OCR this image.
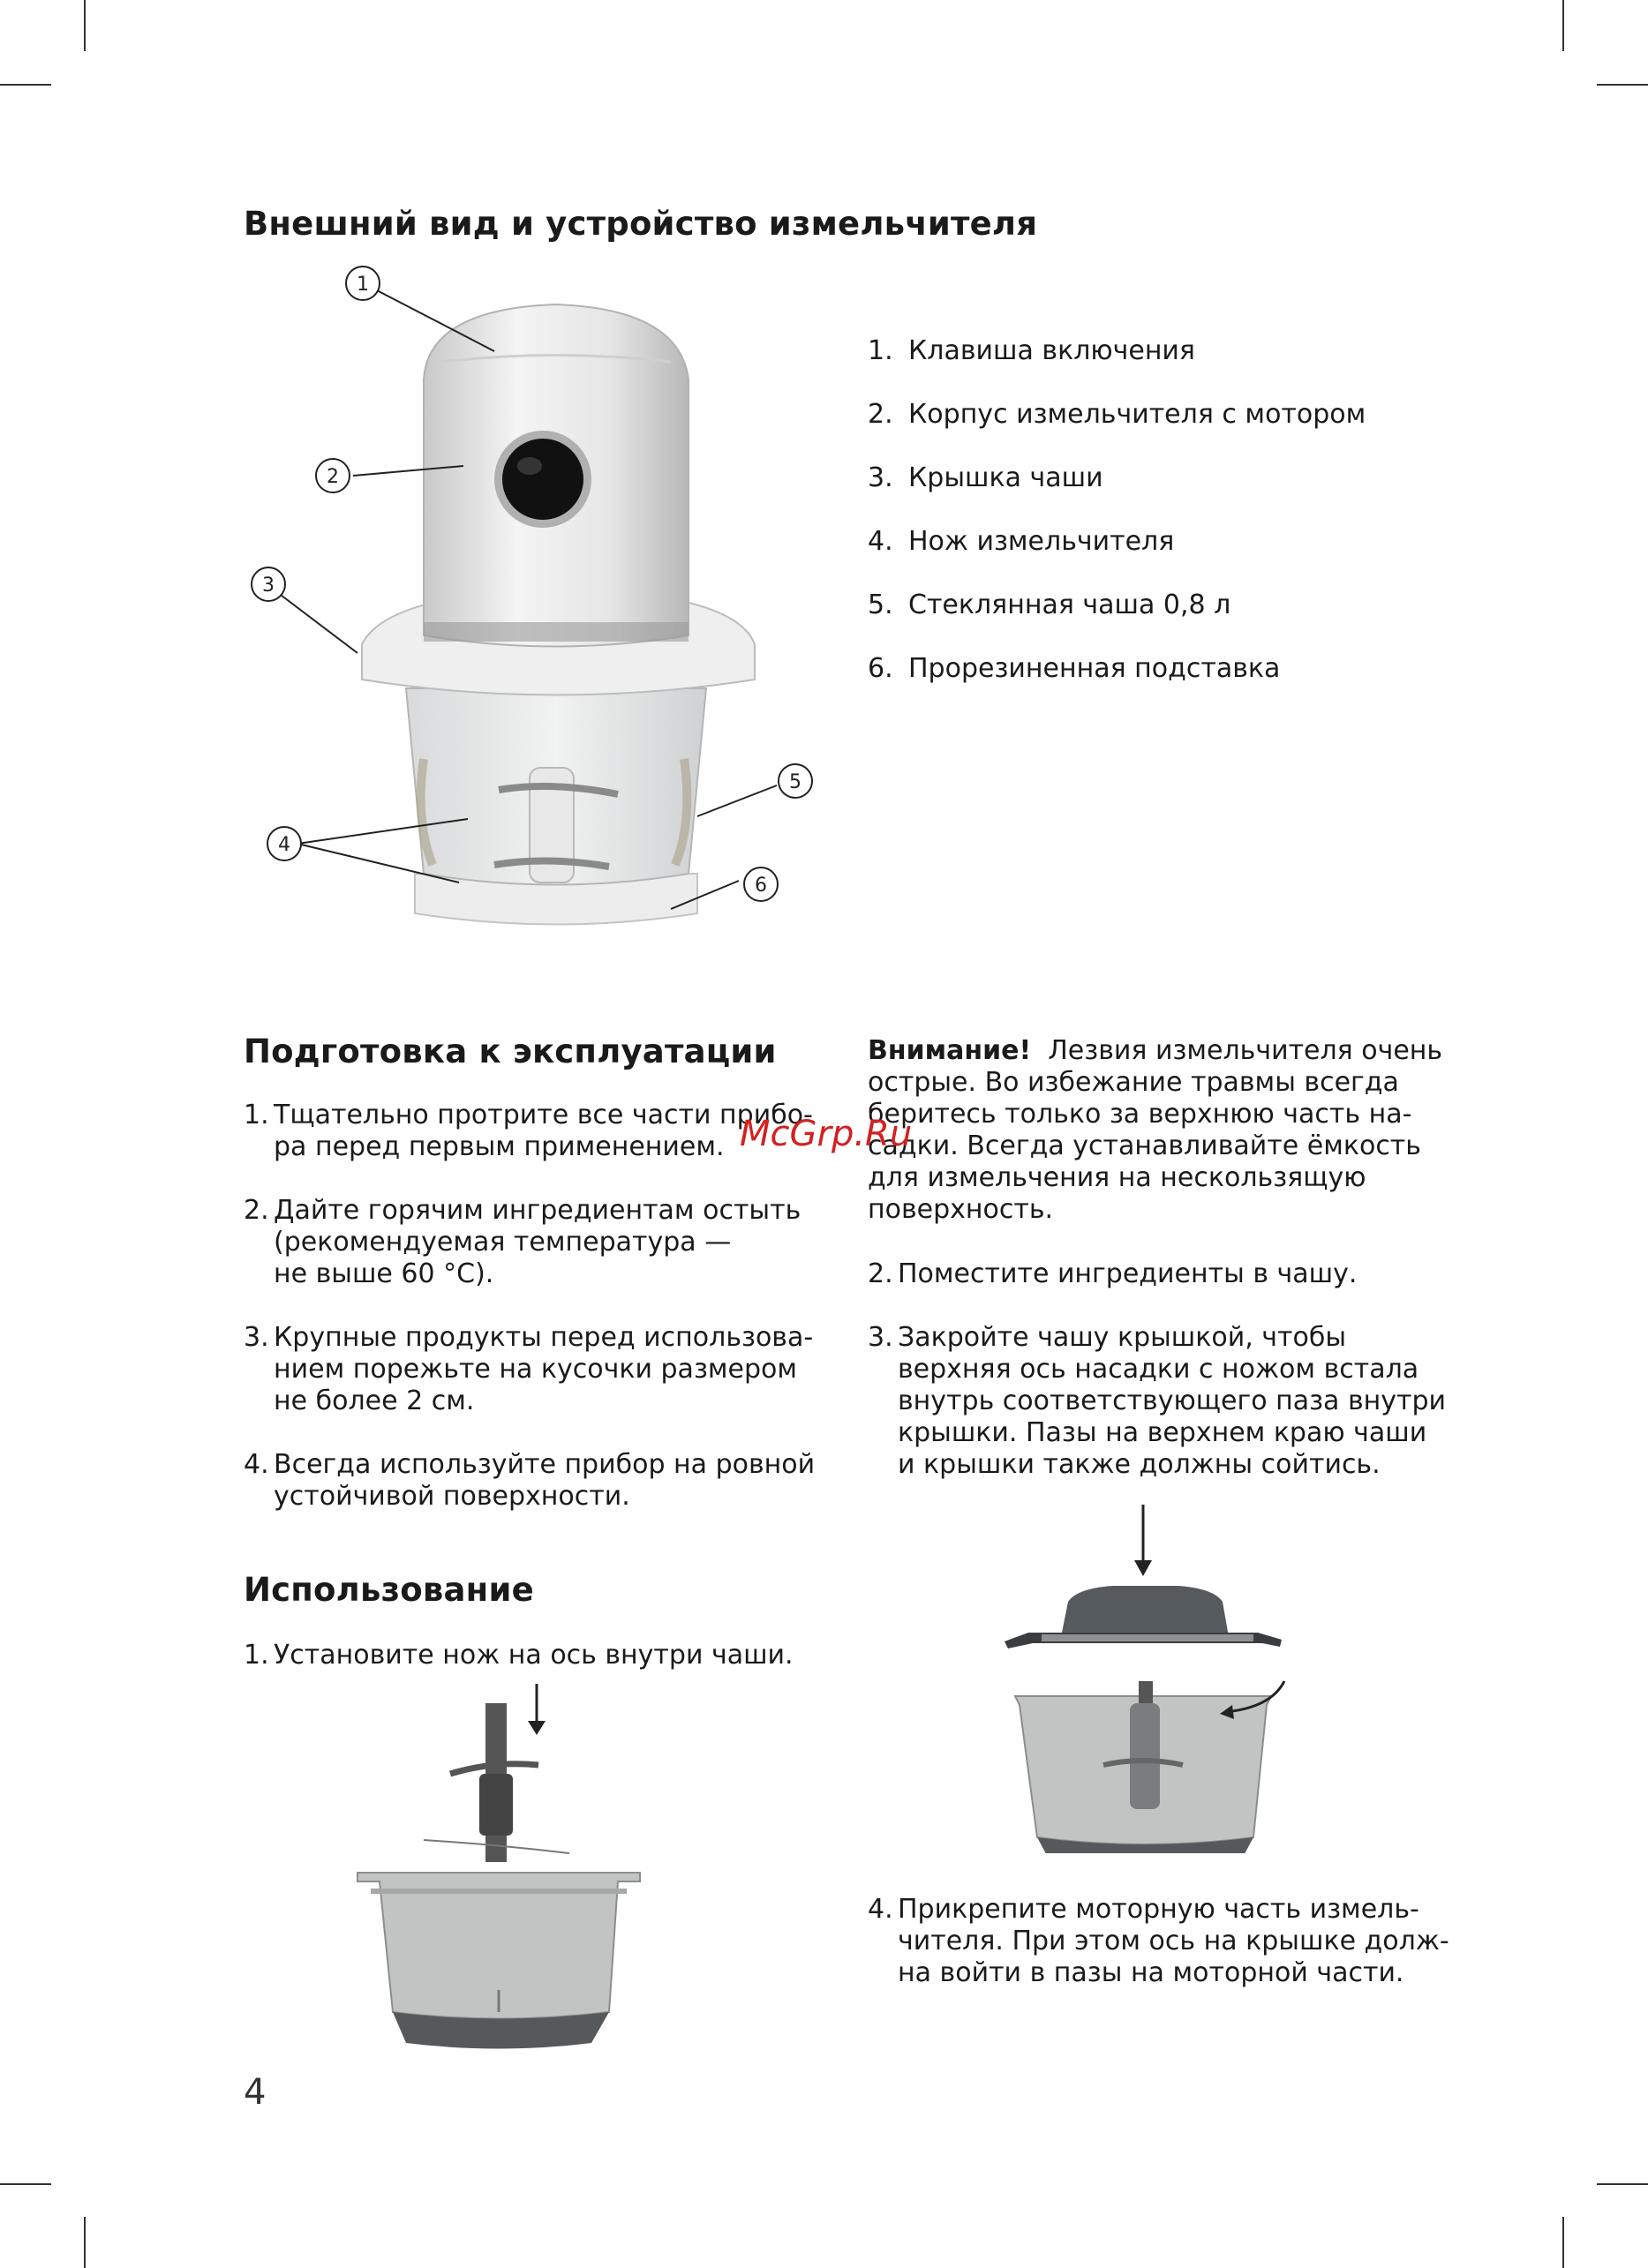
Внешний вид и устройство измельчителя
1
2
3
4
5
6
1. Клавиша включения
2. Корпус измельчителя с мотором
3. Крышка чаши
4. Нож измельчителя
5. Стеклянная чаша 0,8 л
6. Прорезиненная подставка
Подготовка к эксплуатации
1. Тщательно протрите все части прибо-
ра перед первым применением.
2. Дайте горячим ингредиентам остыть
(рекомендуемая температура —
не выше 60 °C).
3. Крупные продукты перед использова-
нием порежьте на кусочки размером
не более 2 см.
4. Всегда используйте прибор на ровной
устойчивой поверхности.
Использование
1. Установите нож на ось внутри чаши.
Внимание! Лезвия измельчителя очень
острые. Во избежание травмы всегда
беритесь только за верхнюю часть на-
садки. Всегда устанавливайте ёмкость
для измельчения на нескользящую
поверхность.
McGrp.Ru
2. Поместите ингредиенты в чашу.
3. Закройте чашу крышкой, чтобы
верхняя ось насадки с ножом встала
внутрь соответствующего паза внутри
крышки. Пазы на верхнем краю чаши
и крышки также должны сойтись.
4. Прикрепите моторную часть измель-
чителя. При этом ось на крышке долж-
на войти в пазы на моторной части.
4
